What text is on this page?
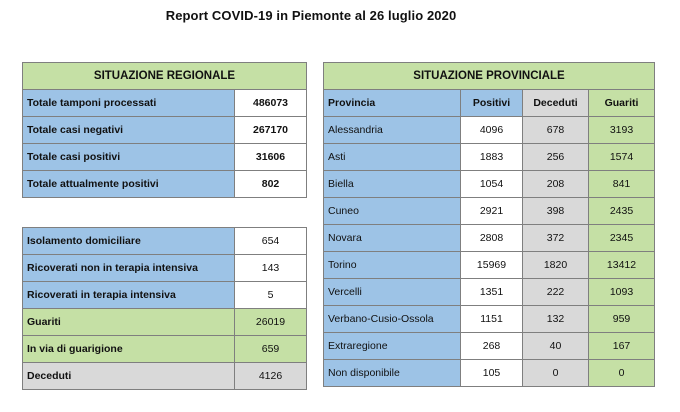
Report COVID-19 in Piemonte al 26 luglio 2020
SITUAZIONE REGIONALE	
Totale tamponi processati	486073
Totale casi negativi	267170
Totale casi positivi	31606
Totale attualmente positivi	802

Isolamento domiciliare	654
Ricoverati non in terapia intensiva	143
Ricoverati in terapia intensiva	5
Guariti	26019
In via di guarigione	659
Deceduti	4126
SITUAZIONE PROVINCIALE			
Provincia	Positivi	Deceduti	Guariti
Alessandria	4096	678	3193
Asti	1883	256	1574
Biella	1054	208	841
Cuneo	2921	398	2435
Novara	2808	372	2345
Torino	15969	1820	13412
Vercelli	1351	222	1093
Verbano-Cusio-Ossola	1151	132	959
Extraregione	268	40	167
Non disponibile	105	0	0
